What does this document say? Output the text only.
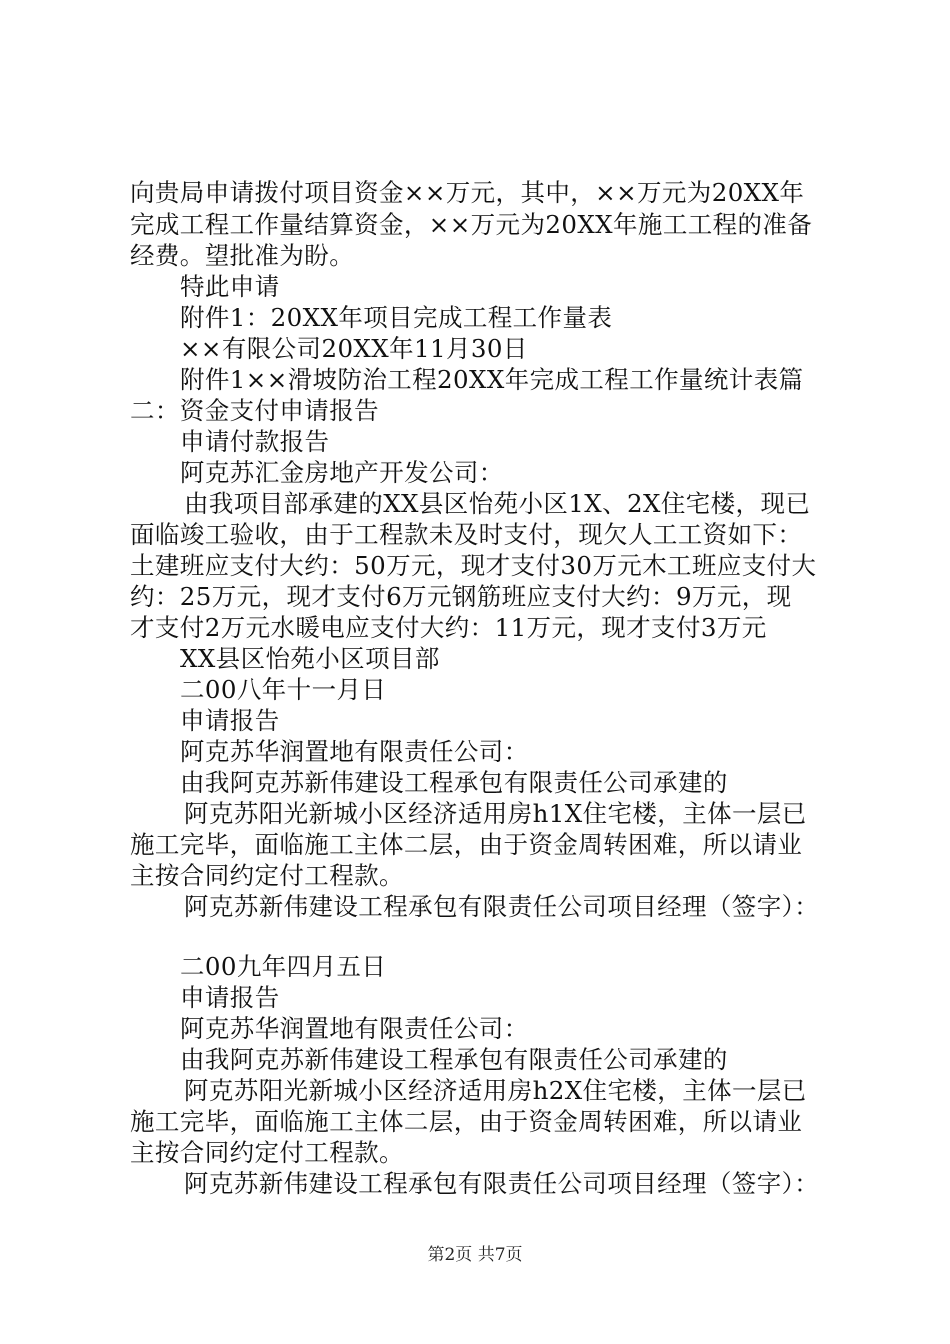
向贵局申请拨付项目资金××万元，其中，××万元为20XX年
完成工程工作量结算资金，××万元为20XX年施工工程的准备
经费。望批准为盼。
特此申请
附件1：20XX年项目完成工程工作量表
××有限公司20XX年11月30日
附件1××滑坡防治工程20XX年完成工程工作量统计表篇
二：资金支付申请报告
申请付款报告
阿克苏汇金房地产开发公司：
由我项目部承建的XX县区怡苑小区1X、2X住宅楼，现已
面临竣工验收，由于工程款未及时支付，现欠人工工资如下：
土建班应支付大约：50万元，现才支付30万元木工班应支付大
约：25万元，现才支付6万元钢筋班应支付大约：9万元，现
才支付2万元水暖电应支付大约：11万元，现才支付3万元
XX县区怡苑小区项目部
二00八年十一月日
申请报告
阿克苏华润置地有限责任公司：
由我阿克苏新伟建设工程承包有限责任公司承建的
阿克苏阳光新城小区经济适用房h1X住宅楼，主体一层已
施工完毕，面临施工主体二层，由于资金周转困难，所以请业
主按合同约定付工程款。
阿克苏新伟建设工程承包有限责任公司项目经理（签字）：
二00九年四月五日
申请报告
阿克苏华润置地有限责任公司：
由我阿克苏新伟建设工程承包有限责任公司承建的
阿克苏阳光新城小区经济适用房h2X住宅楼，主体一层已
施工完毕，面临施工主体二层，由于资金周转困难，所以请业
主按合同约定付工程款。
阿克苏新伟建设工程承包有限责任公司项目经理（签字）：
第2页 共7页
